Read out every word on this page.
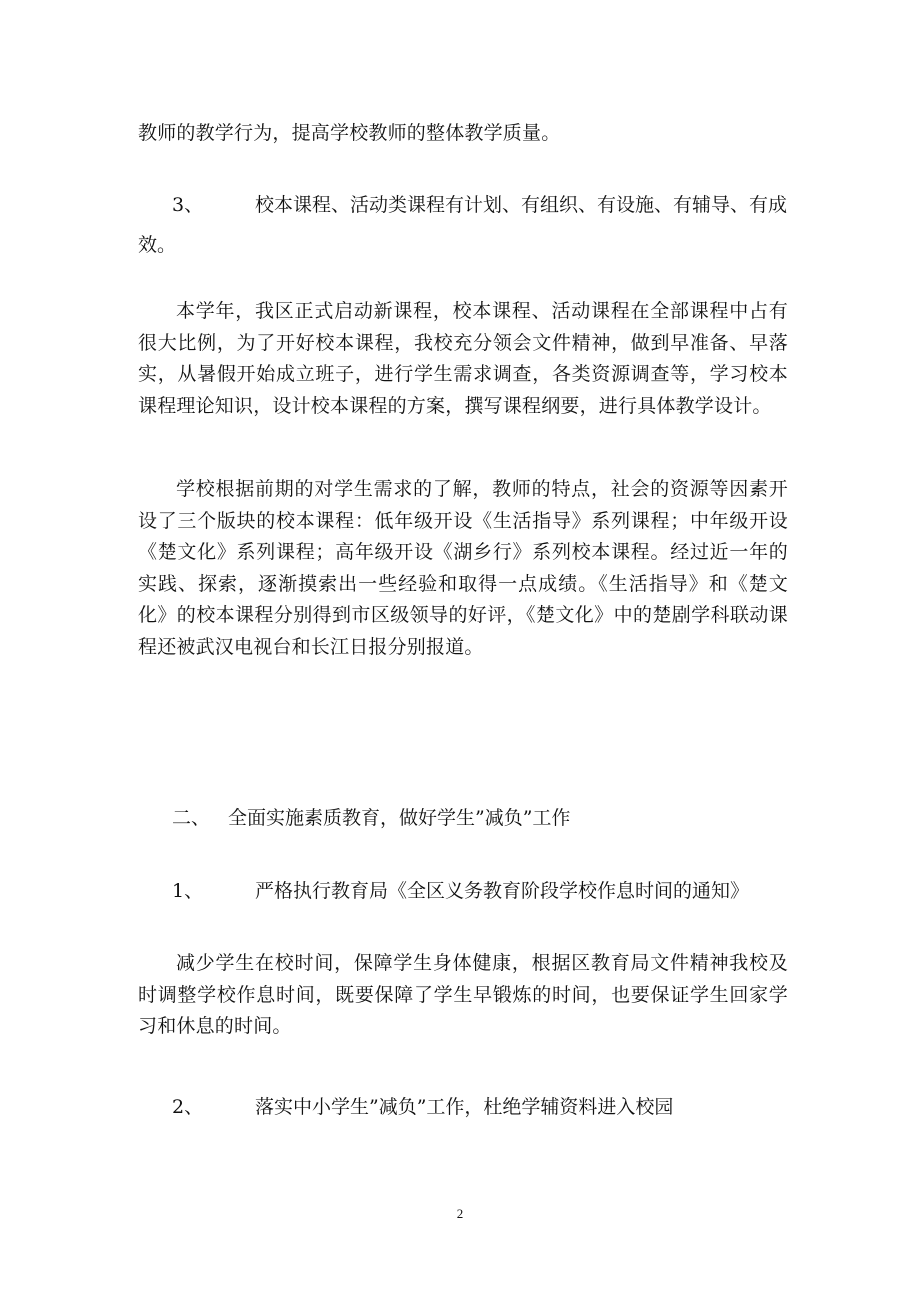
教师的教学行为，提高学校教师的整体教学质量。
3、	校本课程、活动类课程有计划、有组织、有设施、有辅导、有成
效。
本学年，我区正式启动新课程，校本课程、活动课程在全部课程中占有很大比例，为了开好校本课程，我校充分领会文件精神，做到早准备、早落实，从暑假开始成立班子，进行学生需求调查，各类资源调查等，学习校本课程理论知识，设计校本课程的方案，撰写课程纲要，进行具体教学设计。
学校根据前期的对学生需求的了解，教师的特点，社会的资源等因素开设了三个版块的校本课程：低年级开设《生活指导》系列课程；中年级开设《楚文化》系列课程；高年级开设《湖乡行》系列校本课程。经过近一年的实践、探索，逐渐摸索出一些经验和取得一点成绩。《生活指导》和《楚文化》的校本课程分别得到市区级领导的好评，《楚文化》中的楚剧学科联动课程还被武汉电视台和长江日报分别报道。
二、 全面实施素质教育，做好学生”减负”工作
1、	严格执行教育局《全区义务教育阶段学校作息时间的通知》
减少学生在校时间，保障学生身体健康，根据区教育局文件精神我校及时调整学校作息时间，既要保障了学生早锻炼的时间，也要保证学生回家学习和休息的时间。
2、	落实中小学生”减负”工作，杜绝学辅资料进入校园
2
